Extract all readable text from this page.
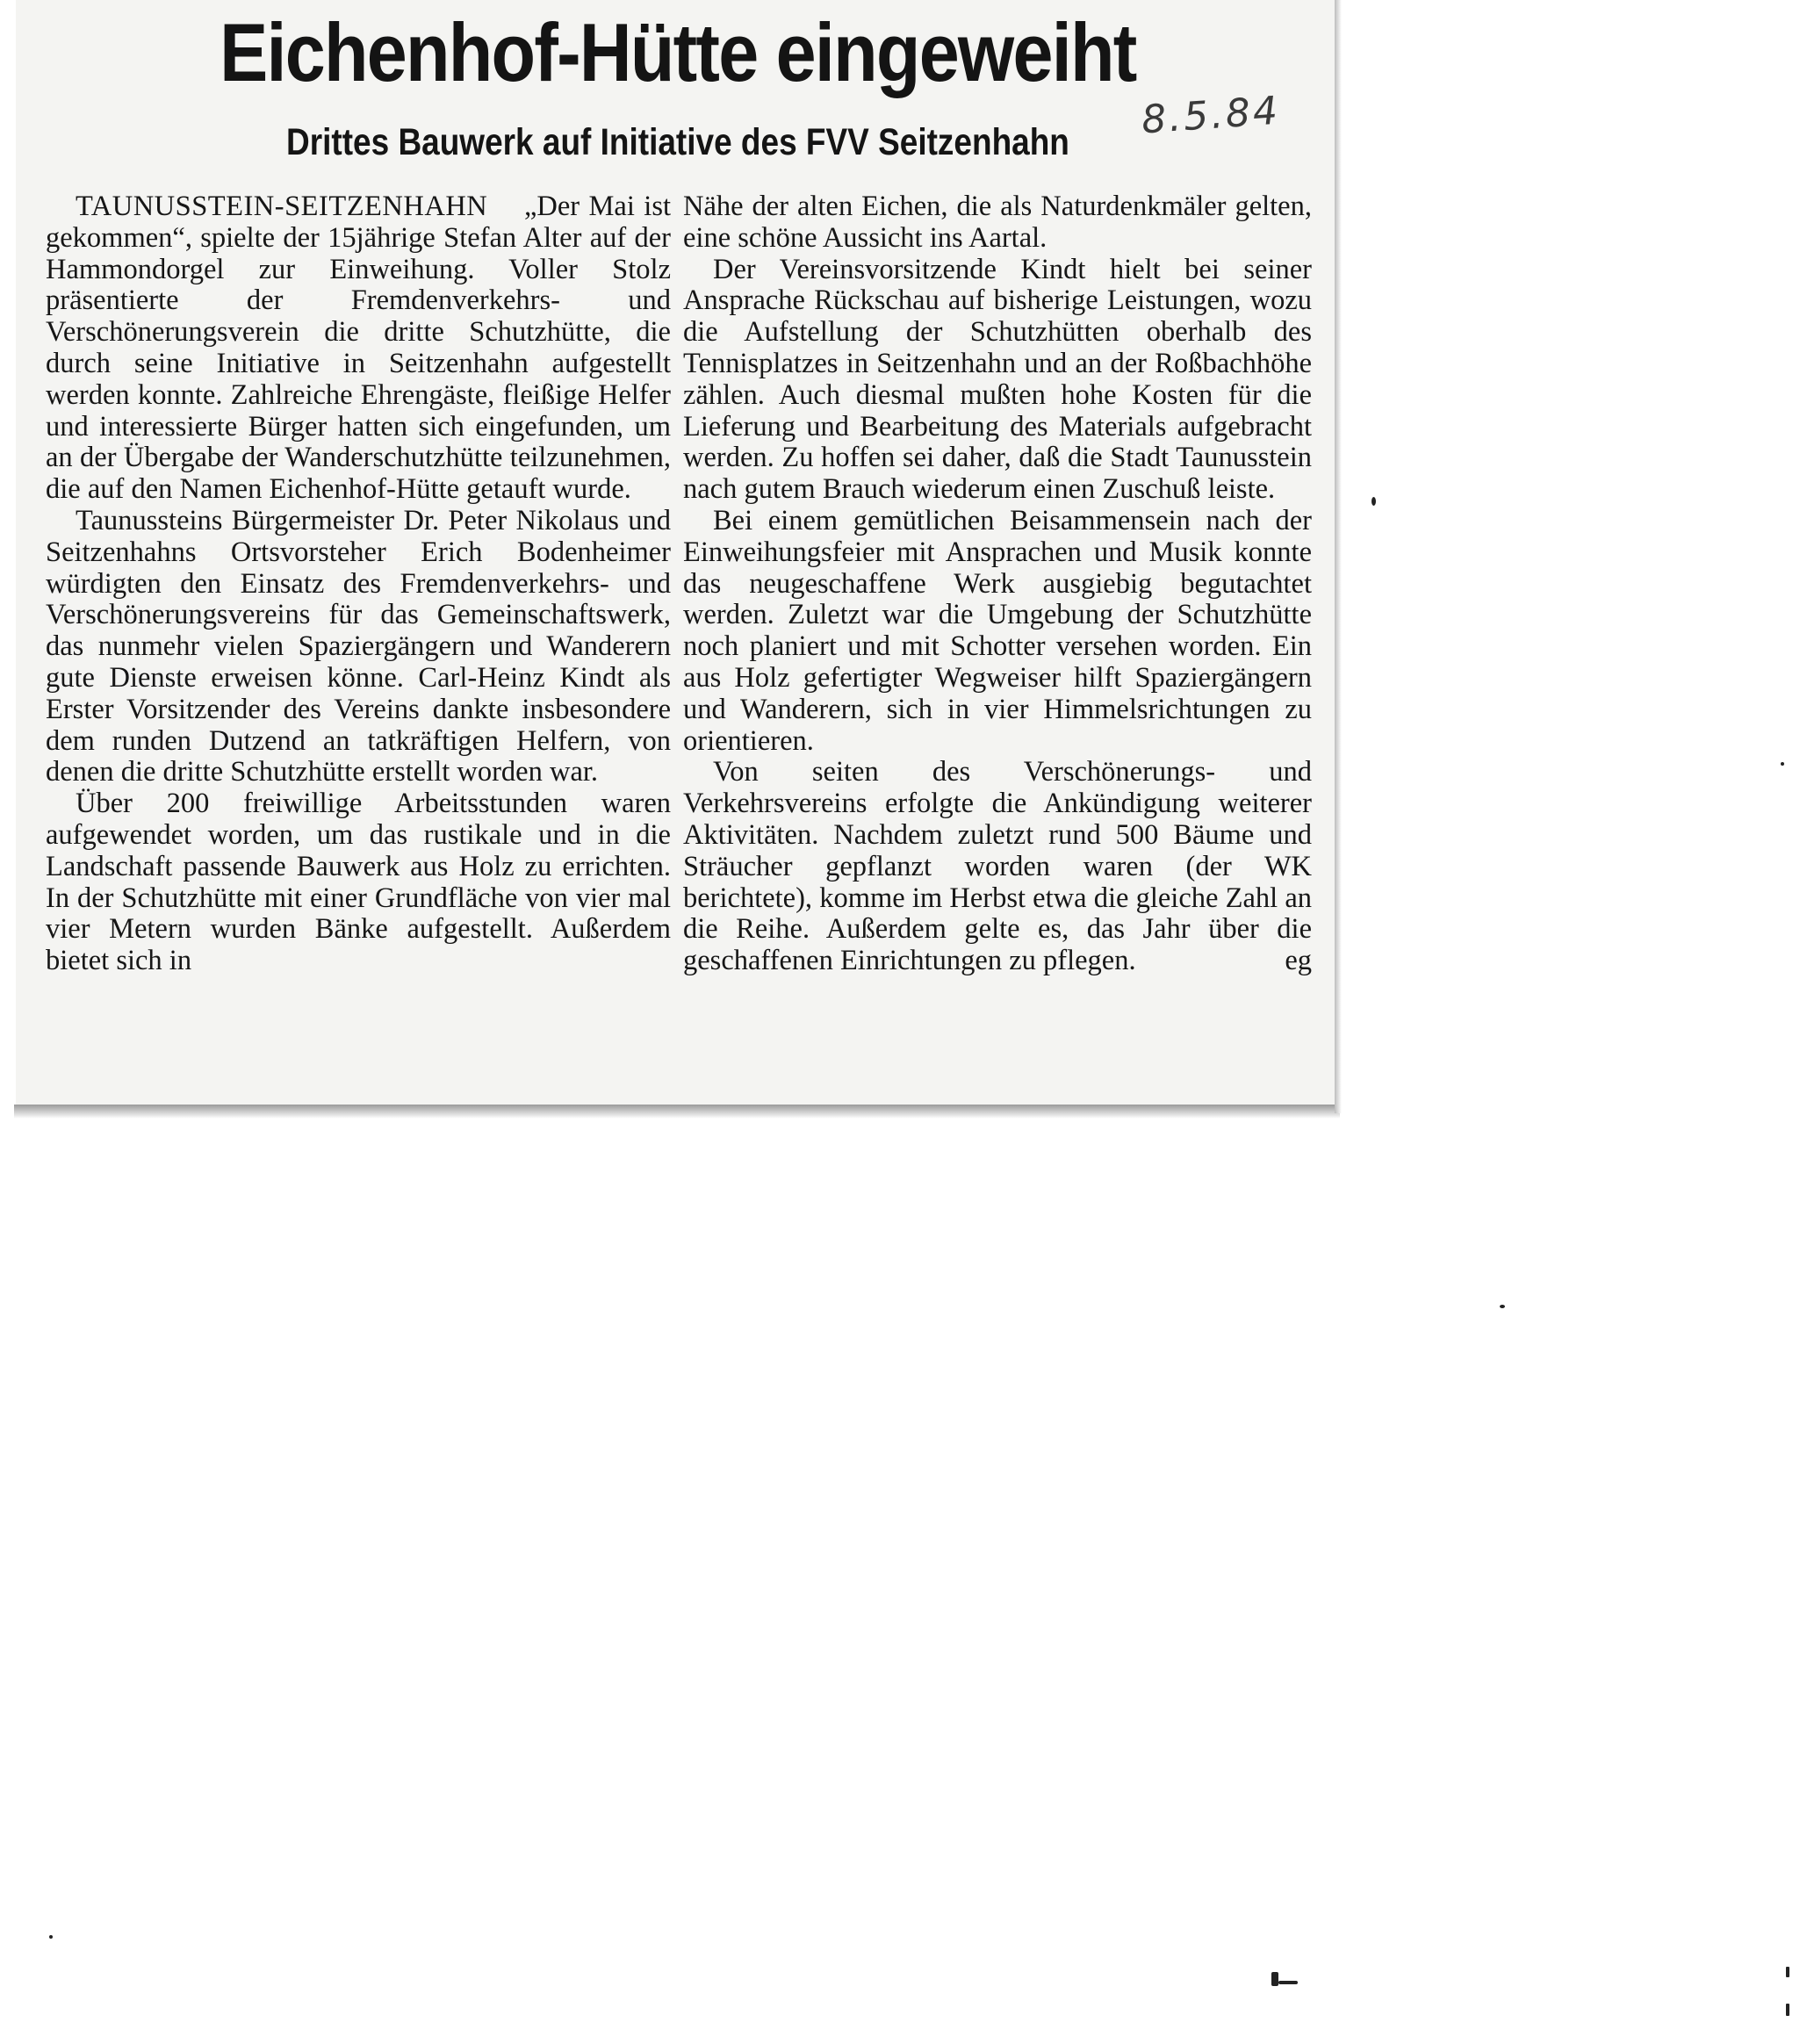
Eichenhof-Hütte eingeweiht
Drittes Bauwerk auf Initiative des FVV Seitzenhahn

TAUNUSSTEIN-SEITZENHAHN „Der Mai ist gekommen“, spielte der 15jährige Stefan Alter auf der Hammondorgel zur Einweihung. Voller Stolz präsentierte der Fremdenverkehrs- und Verschönerungsverein die dritte Schutzhütte, die durch seine Initiative in Seitzenhahn aufgestellt werden konnte. Zahlreiche Ehrengäste, fleißige Helfer und interessierte Bürger hatten sich eingefunden, um an der Übergabe der Wanderschutzhütte teilzunehmen, die auf den Namen Eichenhof-Hütte getauft wurde.

Taunussteins Bürgermeister Dr. Peter Nikolaus und Seitzenhahns Ortsvorsteher Erich Bodenheimer würdigten den Einsatz des Fremdenverkehrs- und Verschönerungsvereins für das Gemeinschaftswerk, das nunmehr vielen Spaziergängern und Wanderern gute Dienste erweisen könne. Carl-Heinz Kindt als Erster Vorsitzender des Vereins dankte insbesondere dem runden Dutzend an tatkräftigen Helfern, von denen die dritte Schutzhütte erstellt worden war.

Über 200 freiwillige Arbeitsstunden waren aufgewendet worden, um das rustikale und in die Landschaft passende Bauwerk aus Holz zu errichten. In der Schutzhütte mit einer Grundfläche von vier mal vier Metern wurden Bänke aufgestellt. Außerdem bietet sich in

Nähe der alten Eichen, die als Naturdenkmäler gelten, eine schöne Aussicht ins Aartal.

Der Vereinsvorsitzende Kindt hielt bei seiner Ansprache Rückschau auf bisherige Leistungen, wozu die Aufstellung der Schutzhütten oberhalb des Tennisplatzes in Seitzenhahn und an der Roßbachhöhe zählen. Auch diesmal mußten hohe Kosten für die Lieferung und Bearbeitung des Materials aufgebracht werden. Zu hoffen sei daher, daß die Stadt Taunusstein nach gutem Brauch wiederum einen Zuschuß leiste.

Bei einem gemütlichen Beisammensein nach der Einweihungsfeier mit Ansprachen und Musik konnte das neugeschaffene Werk ausgiebig begutachtet werden. Zuletzt war die Umgebung der Schutzhütte noch planiert und mit Schotter versehen worden. Ein aus Holz gefertigter Wegweiser hilft Spaziergängern und Wanderern, sich in vier Himmelsrichtungen zu orientieren.

Von seiten des Verschönerungs- und Verkehrsvereins erfolgte die Ankündigung weiterer Aktivitäten. Nachdem zuletzt rund 500 Bäume und Sträucher gepflanzt worden waren (der WK berichtete), komme im Herbst etwa die gleiche Zahl an die Reihe. Außerdem gelte es, das Jahr über die geschaffenen Einrichtungen zu pflegen.	eg

8.5.84
